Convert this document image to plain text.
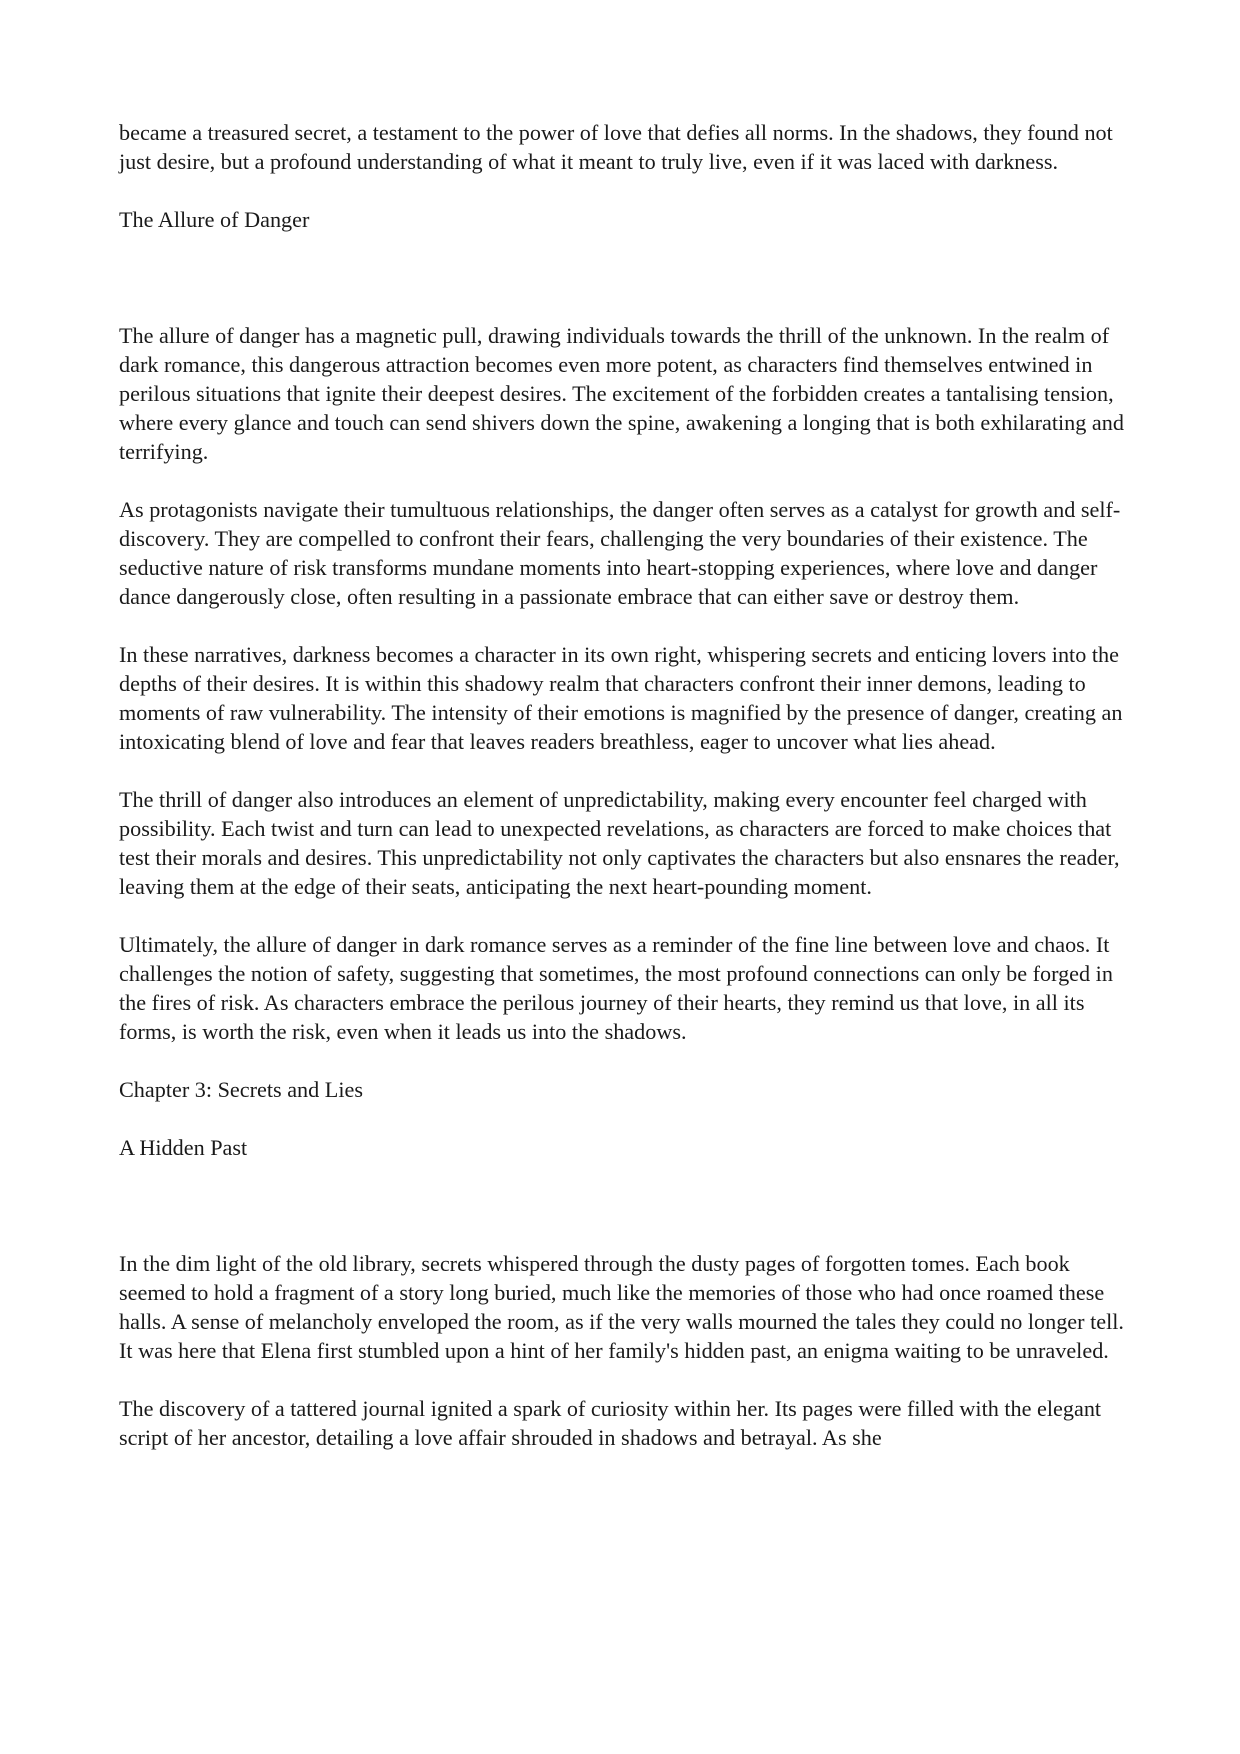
became a treasured secret, a testament to the power of love that defies all norms. In the shadows, they found not just desire, but a profound understanding of what it meant to truly live, even if it was laced with darkness.

The Allure of Danger

The allure of danger has a magnetic pull, drawing individuals towards the thrill of the unknown. In the realm of dark romance, this dangerous attraction becomes even more potent, as characters find themselves entwined in perilous situations that ignite their deepest desires. The excitement of the forbidden creates a tantalising tension, where every glance and touch can send shivers down the spine, awakening a longing that is both exhilarating and terrifying.

As protagonists navigate their tumultuous relationships, the danger often serves as a catalyst for growth and self-discovery. They are compelled to confront their fears, challenging the very boundaries of their existence. The seductive nature of risk transforms mundane moments into heart-stopping experiences, where love and danger dance dangerously close, often resulting in a passionate embrace that can either save or destroy them.

In these narratives, darkness becomes a character in its own right, whispering secrets and enticing lovers into the depths of their desires. It is within this shadowy realm that characters confront their inner demons, leading to moments of raw vulnerability. The intensity of their emotions is magnified by the presence of danger, creating an intoxicating blend of love and fear that leaves readers breathless, eager to uncover what lies ahead.

The thrill of danger also introduces an element of unpredictability, making every encounter feel charged with possibility. Each twist and turn can lead to unexpected revelations, as characters are forced to make choices that test their morals and desires. This unpredictability not only captivates the characters but also ensnares the reader, leaving them at the edge of their seats, anticipating the next heart-pounding moment.

Ultimately, the allure of danger in dark romance serves as a reminder of the fine line between love and chaos. It challenges the notion of safety, suggesting that sometimes, the most profound connections can only be forged in the fires of risk. As characters embrace the perilous journey of their hearts, they remind us that love, in all its forms, is worth the risk, even when it leads us into the shadows.

Chapter 3: Secrets and Lies

A Hidden Past

In the dim light of the old library, secrets whispered through the dusty pages of forgotten tomes. Each book seemed to hold a fragment of a story long buried, much like the memories of those who had once roamed these halls. A sense of melancholy enveloped the room, as if the very walls mourned the tales they could no longer tell. It was here that Elena first stumbled upon a hint of her family's hidden past, an enigma waiting to be unraveled.

The discovery of a tattered journal ignited a spark of curiosity within her. Its pages were filled with the elegant script of her ancestor, detailing a love affair shrouded in shadows and betrayal. As she
